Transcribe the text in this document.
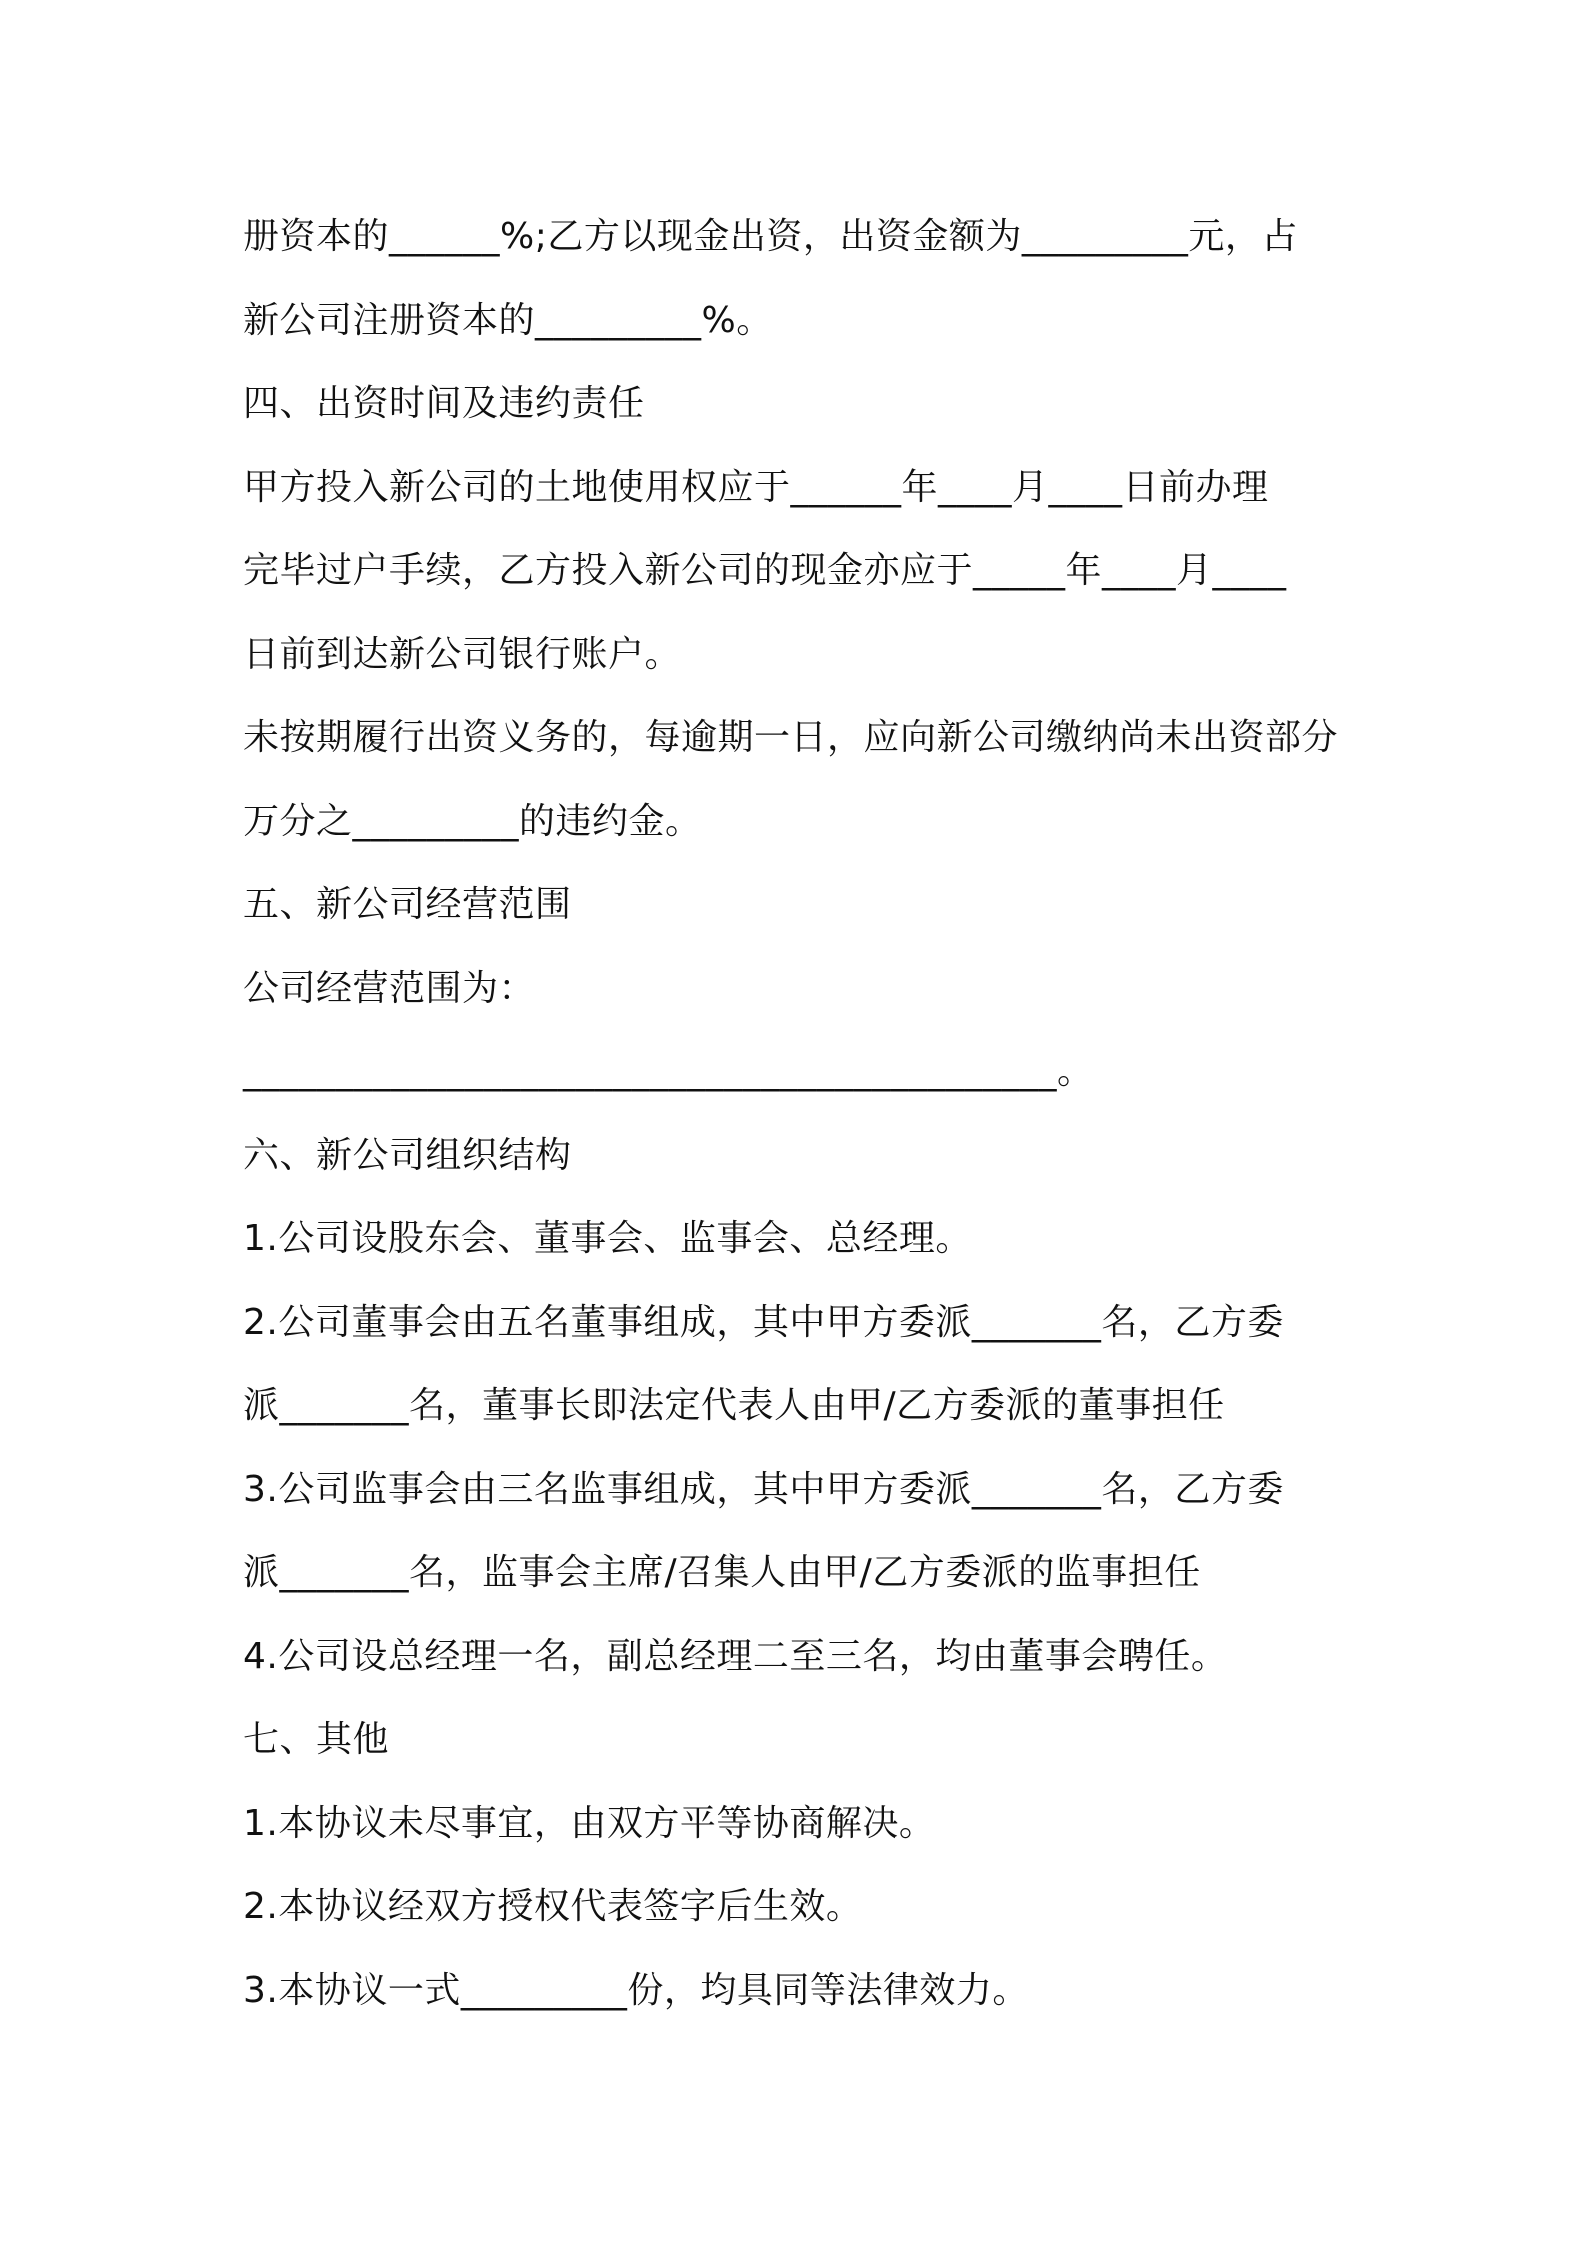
册资本的______%;乙方以现金出资，出资金额为_________元，占
新公司注册资本的_________%。
四、出资时间及违约责任
甲方投入新公司的土地使用权应于______年____月____日前办理
完毕过户手续，乙方投入新公司的现金亦应于_____年____月____
日前到达新公司银行账户。
未按期履行出资义务的，每逾期一日，应向新公司缴纳尚未出资部分
万分之_________的违约金。
五、新公司经营范围
公司经营范围为：
____________________________________________。
六、新公司组织结构
1.公司设股东会、董事会、监事会、总经理。
2.公司董事会由五名董事组成，其中甲方委派_______名，乙方委
派_______名，董事长即法定代表人由甲/乙方委派的董事担任
3.公司监事会由三名监事组成，其中甲方委派_______名，乙方委
派_______名，监事会主席/召集人由甲/乙方委派的监事担任
4.公司设总经理一名，副总经理二至三名，均由董事会聘任。
七、其他
1.本协议未尽事宜，由双方平等协商解决。
2.本协议经双方授权代表签字后生效。
3.本协议一式_________份，均具同等法律效力。
